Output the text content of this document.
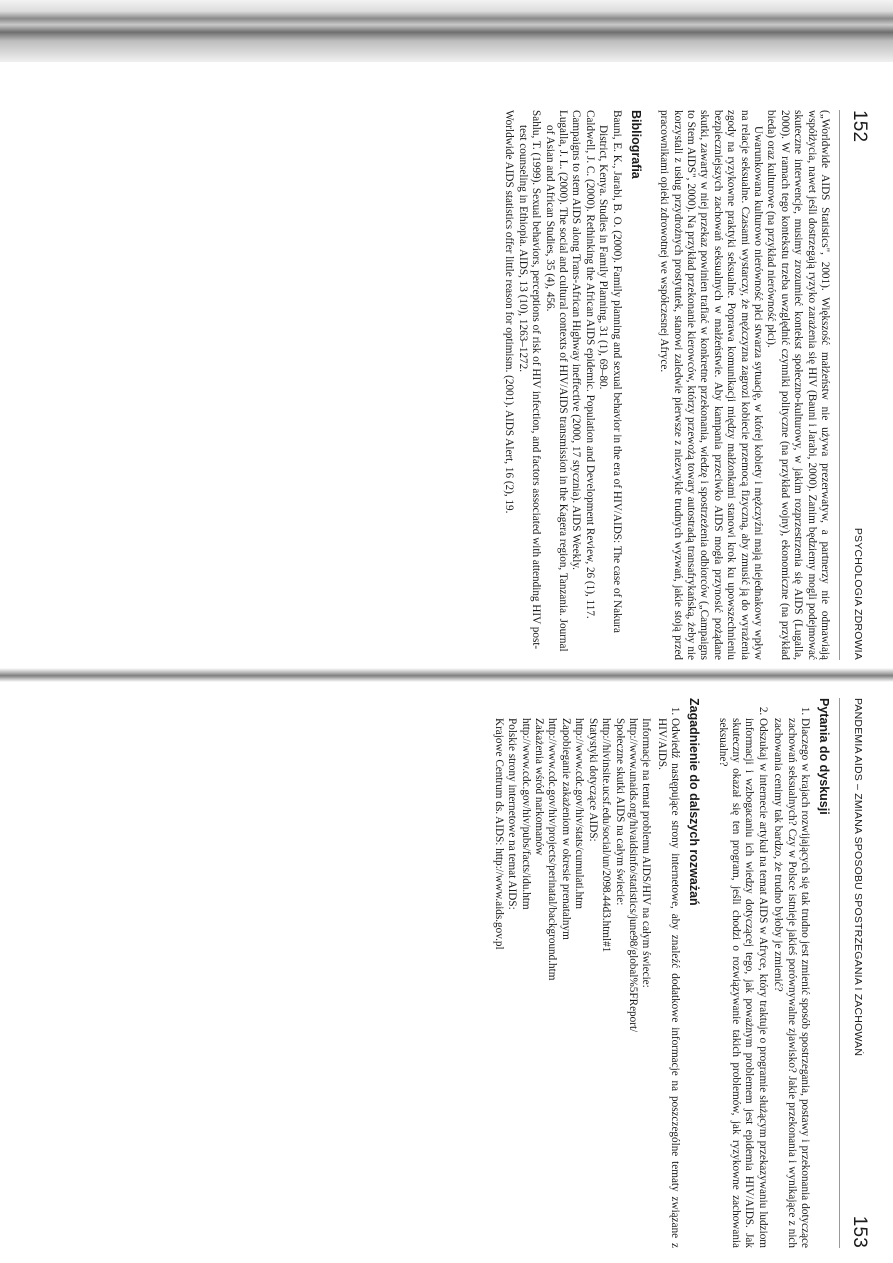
152
PSYCHOLOGIA ZDROWIA

(„Worldwide AIDS Statistics", 2001). Większość małżeństw nie używa prezerwatyw, a partnerzy nie odmawiają współżycia, nawet jeśli dostrzegają ryzyko zarażenia się HIV (Bauni i Jarabi, 2000). Zanim będziemy mogli podejmować skuteczne interwencje, musimy zrozumieć kontekst społeczno-kulturowy, w jakim rozprzestrzenia się AIDS (Lugalla, 2000). W ramach tego kontekstu trzeba uwzględnić czynniki polityczne (na przykład wojny), ekonomiczne (na przykład bieda) oraz kulturowe (na przykład nierówność płci).

Uwarunkowana kulturowo nierówność płci stwarza sytuację, w której kobiety i mężczyźni mają niejednakowy wpływ na relacje seksualne. Czasami wystarczy, że mężczyzna zagrozi kobiecie przemocą fizyczną, aby zmusić ją do wyrażenia zgody na ryzykowne praktyki seksualne. Poprawa komunikacji między małżonkami stanowi krok ku upowszechnieniu bezpieczniejszych zachowań seksualnych w małżeństwie. Aby kampania przeciwko AIDS mogła przynosić pożądane skutki, zawarty w niej przekaz powinien trafiać w konkretne przekonania, wiedzę i spostrzeżenia odbiorców („Campaigns to Stem AIDS", 2000). Na przykład przekonanie kierowców, którzy przewożą towary autostradą transafrykańską, żeby nie korzystali z usług przydrożnych prostytutek, stanowi zaledwie pierwsze z niezwykle trudnych wyzwań, jakie stoją przed pracownikami opieki zdrowotnej we współczesnej Afryce.

Bibliografia

Bauni, E. K., Jarabi, B. O. (2000). Family planning and sexual behavior in the era of HIV/AIDS: The case of Nakura District, Kenya. Studies in Family Planning, 31 (1), 69–80.

Caldwell, J. C. (2000). Rethinking the African AIDS epidemic. Population and Development Review, 26 (1), 117.

Campaigns to stem AIDS along Trans-African Highway ineffective (2000, 17 stycznia). AIDS Weekly.

Lugalla, J. L. (2000). The social and cultural contexts of HIV/AIDS transmission in the Kagera region, Tanzania. Journal of Asian and African Studies, 35 (4), 456.

Sahlu, T. (1999). Sexual behaviors, perceptions of risk of HIV infection, and factors associated with attending HIV post-test counseling in Ethiopia. AIDS, 13 (10), 1263–1272.

Worldwide AIDS statistics offer little reason for optimism. (2001). AIDS Alert, 16 (2), 19.

PANDEMIA AIDS – ZMIANA SPOSOBU SPOSTRZEGANIA I ZACHOWAŃ
153
Pytania do dyskusji
1. Dlaczego w krajach rozwijających się tak trudno jest zmienić sposób spostrzegania, postawy i przekonania dotyczące zachowań seksualnych? Czy w Polsce istnieje jakieś porównywalne zjawisko? Jakie przekonania i wynikające z nich zachowania cenimy tak bardzo, że trudno byłoby je zmienić?
2. Odszukaj w internecie artykuł na temat AIDS w Afryce, który traktuje o programie służącym przekazywaniu ludziom informacji i wzbogacaniu ich wiedzy dotyczącej tego, jak poważnym problemem jest epidemia HIV/AIDS. Jak skuteczny okazał się ten program, jeśli chodzi o rozwiązywanie takich problemów, jak ryzykowne zachowania seksualne?
Zagadnienie do dalszych rozważań
1. Odwiedź następujące strony internetowe, aby znaleźć dodatkowe informacje na poszczególne tematy związane z HIV/AIDS.

Informacje na temat problemu AIDS/HIV na całym świecie:

http://www.unaids.org/hivaidsinfo/statistics/june98/global%5FReport/

Społeczne skutki AIDS na całym świecie:

http://hivinsite.ucsf.edu/social/un/2098.44d3.html#1

Statystyki dotyczące AIDS:

http://www.cdc.gov/hiv/stats/cumulati.htm

Zapobieganie zakażeniom w okresie prenatalnym

http://www.cdc.gov/hiv/projects/perinatal/background.htm

Zakażenia wśród narkomanów

http://www.cdc.gov/hiv/pubs/facts/idu.htm

Polskie strony internetowe na temat AIDS:

Krajowe Centrum ds. AIDS: http://www.aids.gov.pl
